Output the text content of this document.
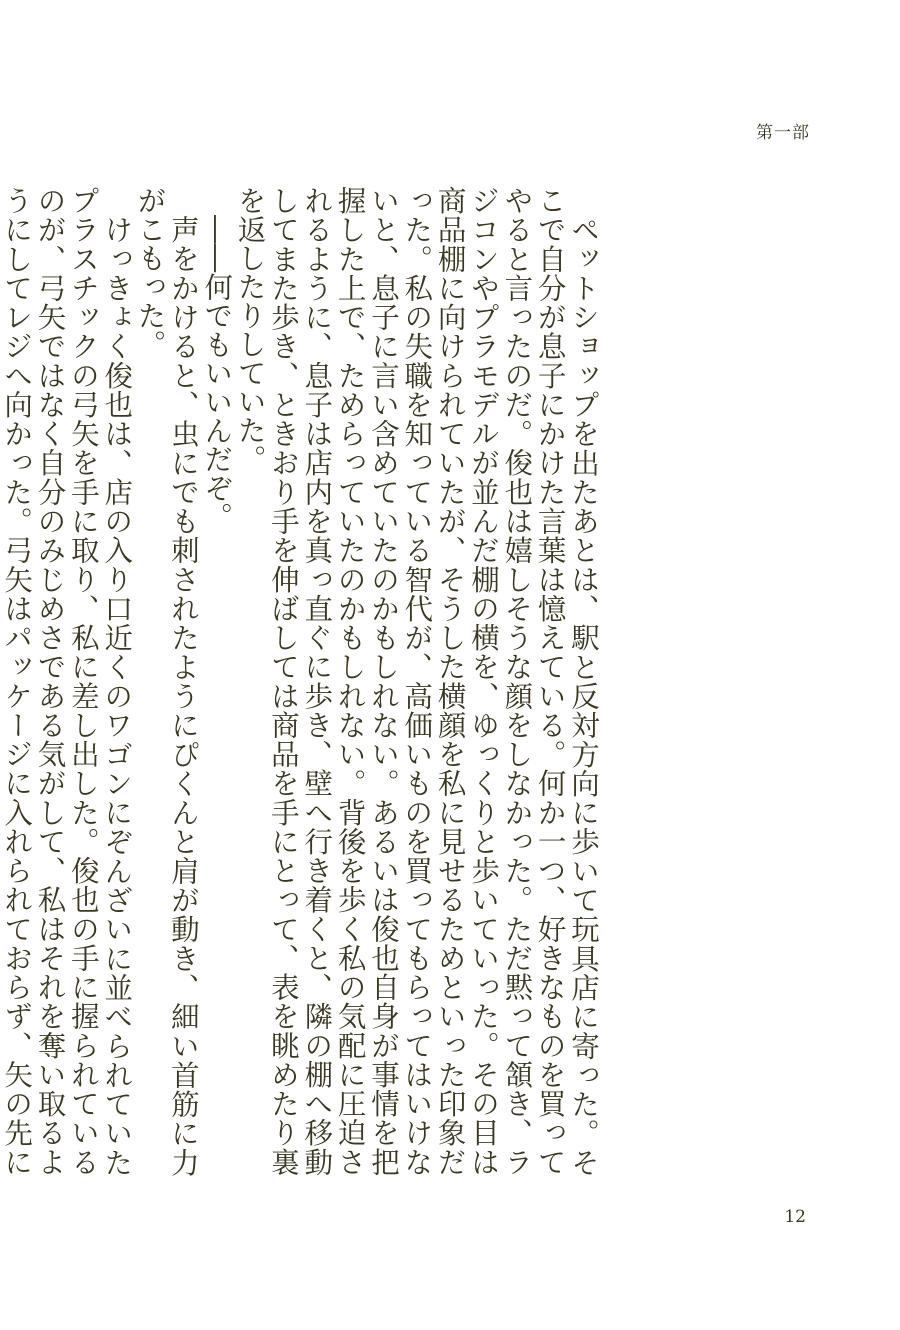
第一部

ペットショップを出たあとは、駅と反対方向に歩いて玩具店に寄った。そこで自分が息子にかけた言葉は憶えている。何か一つ、好きなものを買ってやると言ったのだ。俊也は嬉しそうな顔をしなかった。ただ黙って頷き、ラジコンやプラモデルが並んだ棚の横を、ゆっくりと歩いていった。その目は商品棚に向けられていたが、そうした横顔を私に見せるためといった印象だった。私の失職を知っている智代が、高価いものを買ってもらってはいけないと、息子に言い含めていたのかもしれない。あるいは俊也自身が事情を把握した上で、ためらっていたのかもしれない。背後を歩く私の気配に圧迫されるように、息子は店内を真っ直ぐに歩き、壁へ行き着くと、隣の棚へ移動してまた歩き、ときおり手を伸ばしては商品を手にとって、表を眺めたり裏を返したりしていた。

――何でもいいんだぞ。

声をかけると、虫にでも刺されたようにぴくんと肩が動き、細い首筋に力がこもった。

けっきょく俊也は、店の入り口近くのワゴンにぞんざいに並べられていたプラスチックの弓矢を手に取り、私に差し出した。俊也の手に握られているのが、弓矢ではなく自分のみじめさである気がして、私はそれを奪い取るようにしてレジへ向かった。弓矢はパッケージに入れられておらず、矢の先に

12
